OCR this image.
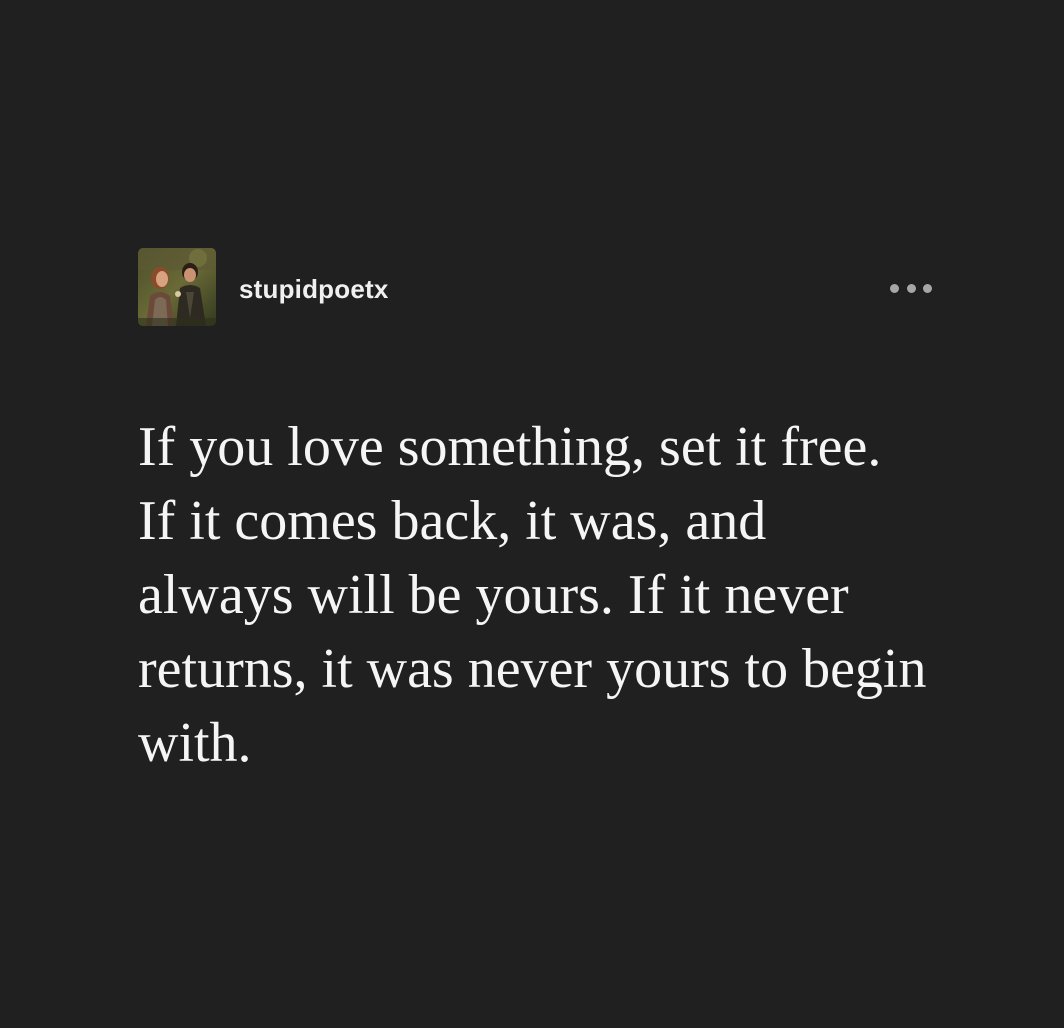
stupidpoetx

If you love something, set it free. If it comes back, it was, and always will be yours. If it never returns, it was never yours to begin with.
